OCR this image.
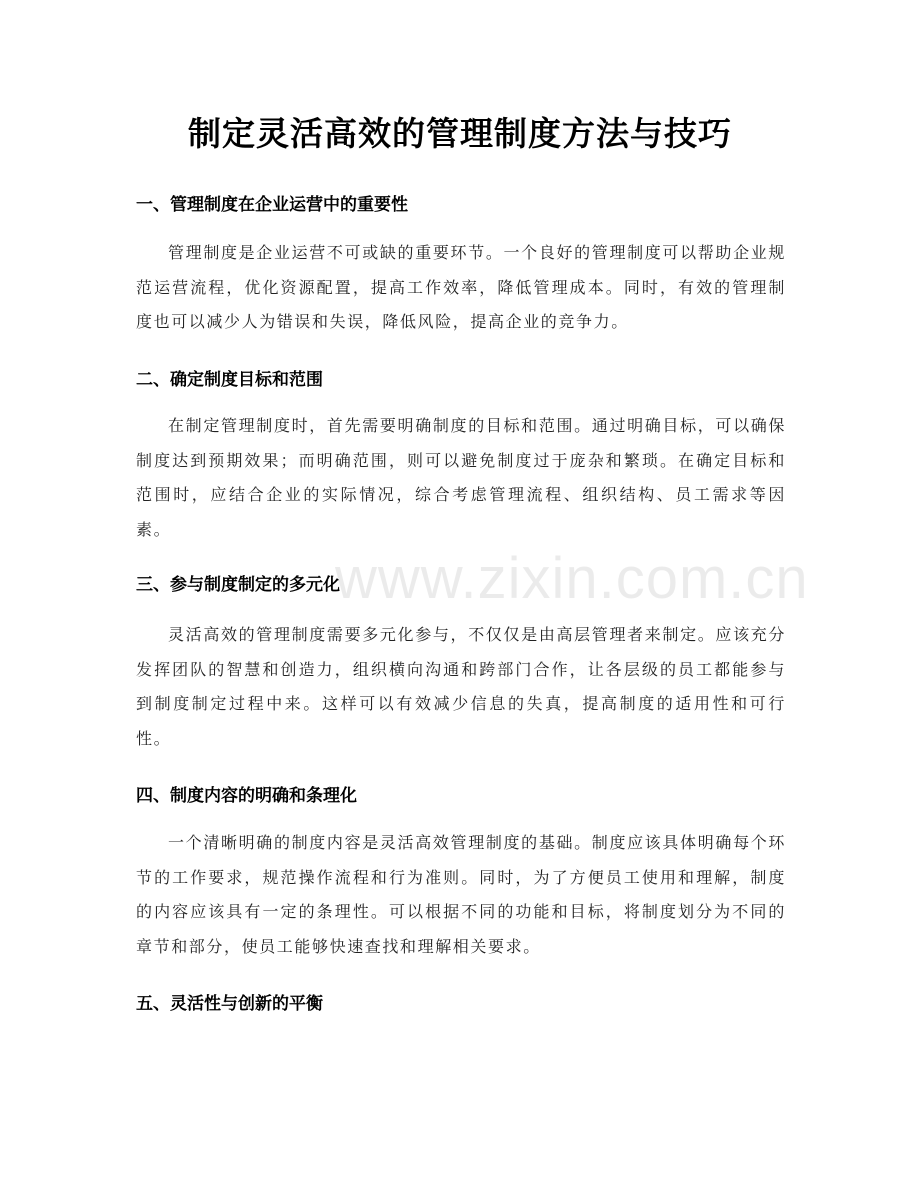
制定灵活高效的管理制度方法与技巧
一、管理制度在企业运营中的重要性

管理制度是企业运营不可或缺的重要环节。一个良好的管理制度可以帮助企业规范运营流程，优化资源配置，提高工作效率，降低管理成本。同时，有效的管理制度也可以减少人为错误和失误，降低风险，提高企业的竞争力。

二、确定制度目标和范围

在制定管理制度时，首先需要明确制度的目标和范围。通过明确目标，可以确保制度达到预期效果；而明确范围，则可以避免制度过于庞杂和繁琐。在确定目标和范围时，应结合企业的实际情况，综合考虑管理流程、组织结构、员工需求等因素。

三、参与制度制定的多元化

灵活高效的管理制度需要多元化参与，不仅仅是由高层管理者来制定。应该充分发挥团队的智慧和创造力，组织横向沟通和跨部门合作，让各层级的员工都能参与到制度制定过程中来。这样可以有效减少信息的失真，提高制度的适用性和可行性。

四、制度内容的明确和条理化

一个清晰明确的制度内容是灵活高效管理制度的基础。制度应该具体明确每个环节的工作要求，规范操作流程和行为准则。同时，为了方便员工使用和理解，制度的内容应该具有一定的条理性。可以根据不同的功能和目标，将制度划分为不同的章节和部分，使员工能够快速查找和理解相关要求。

五、灵活性与创新的平衡
www.zixin.com.cn
